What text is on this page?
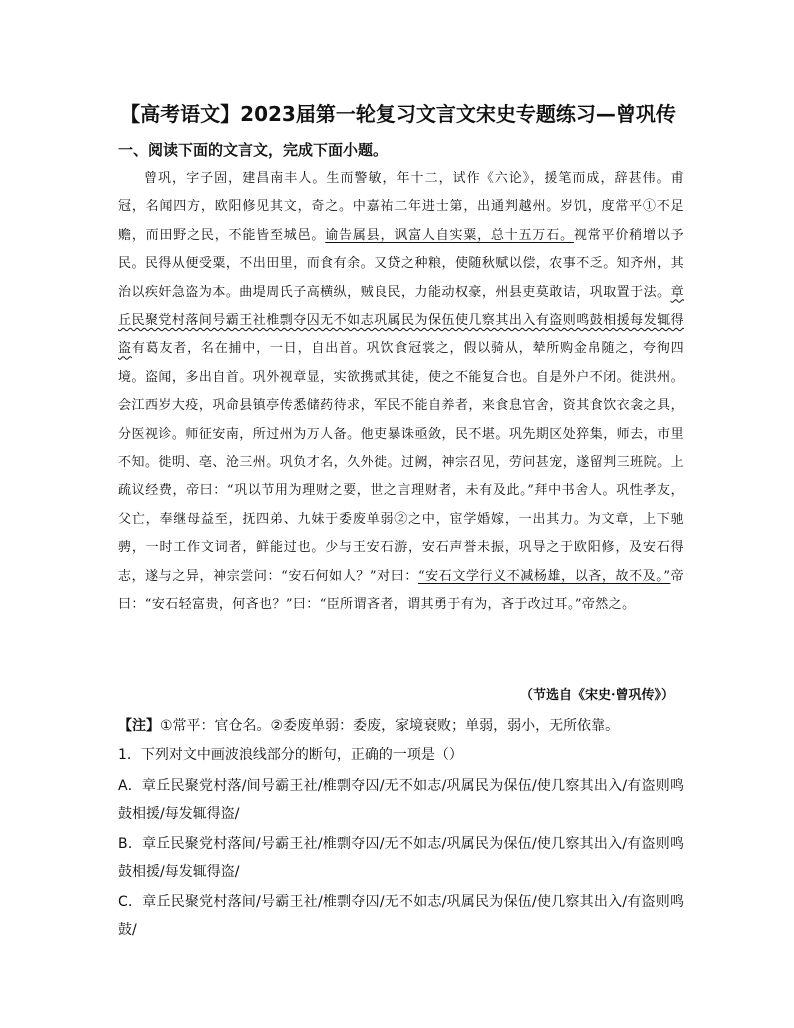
【高考语文】2023届第一轮复习文言文宋史专题练习—曾巩传
一、阅读下面的文言文，完成下面小题。
曾巩，字子固，建昌南丰人。生而警敏，年十二，试作《六论》，援笔而成，辞甚伟。甫冠，名闻四方，欧阳修见其文，奇之。中嘉祐二年进士第，出通判越州。岁饥，度常平①不足赡，而田野之民，不能皆至城邑。谕告属县，讽富人自实粟，总十五万石。视常平价稍增以予民。民得从便受粟，不出田里，而食有余。又贷之种粮，使随秋赋以偿，农事不乏。知齐州，其治以疾奸急盗为本。曲堤周氏子高横纵，贼良民，力能动权豪，州县吏莫敢诘，巩取置于法。章丘民聚党村落间号霸王社椎剽夺囚无不如志巩属民为保伍使几察其出入有盗则鸣鼓相援每发辄得盗有葛友者，名在捕中，一日，自出首。巩饮食冠裳之，假以骑从，辇所购金帛随之，夸徇四境。盗闻，多出自首。巩外视章显，实欲携贰其徒，使之不能复合也。自是外户不闭。徙洪州。会江西岁大疫，巩命县镇亭传悉储药待求，军民不能自养者，来食息官舍，资其食饮衣衾之具，分医视诊。师征安南，所过州为万人备。他吏暴诛亟敛，民不堪。巩先期区处猝集，师去，市里不知。徙明、亳、沧三州。巩负才名，久外徙。过阙，神宗召见，劳问甚宠，遂留判三班院。上疏议经费，帝曰：“巩以节用为理财之要，世之言理财者，未有及此。”拜中书舍人。巩性孝友，父亡，奉继母益至，抚四弟、九妹于委废单弱②之中，宦学婚嫁，一出其力。为文章，上下驰骋，一时工作文词者，鲜能过也。少与王安石游，安石声誉未振，巩导之于欧阳修，及安石得志，遂与之异，神宗尝问：“安石何如人？”对曰：“安石文学行义不减杨雄，以吝，故不及。”帝曰：“安石轻富贵，何吝也？”曰：“臣所谓吝者，谓其勇于有为，吝于改过耳。”帝然之。
（节选自《宋史·曾巩传》）
【注】①常平：官仓名。②委废单弱：委废，家境衰败；单弱，弱小，无所依靠。
1．下列对文中画波浪线部分的断句，正确的一项是（）
A．章丘民聚党村落/间号霸王社/椎剽夺囚/无不如志/巩属民为保伍/使几察其出入/有盗则鸣鼓相援/每发辄得盗/
B．章丘民聚党村落间/号霸王社/椎剽夺囚/无不如志/巩属民为保伍/使几察其出入/有盗则鸣鼓相援/每发辄得盗/
C．章丘民聚党村落间/号霸王社/椎剽夺囚/无不如志/巩属民为保伍/使几察其出入/有盗则鸣鼓/
